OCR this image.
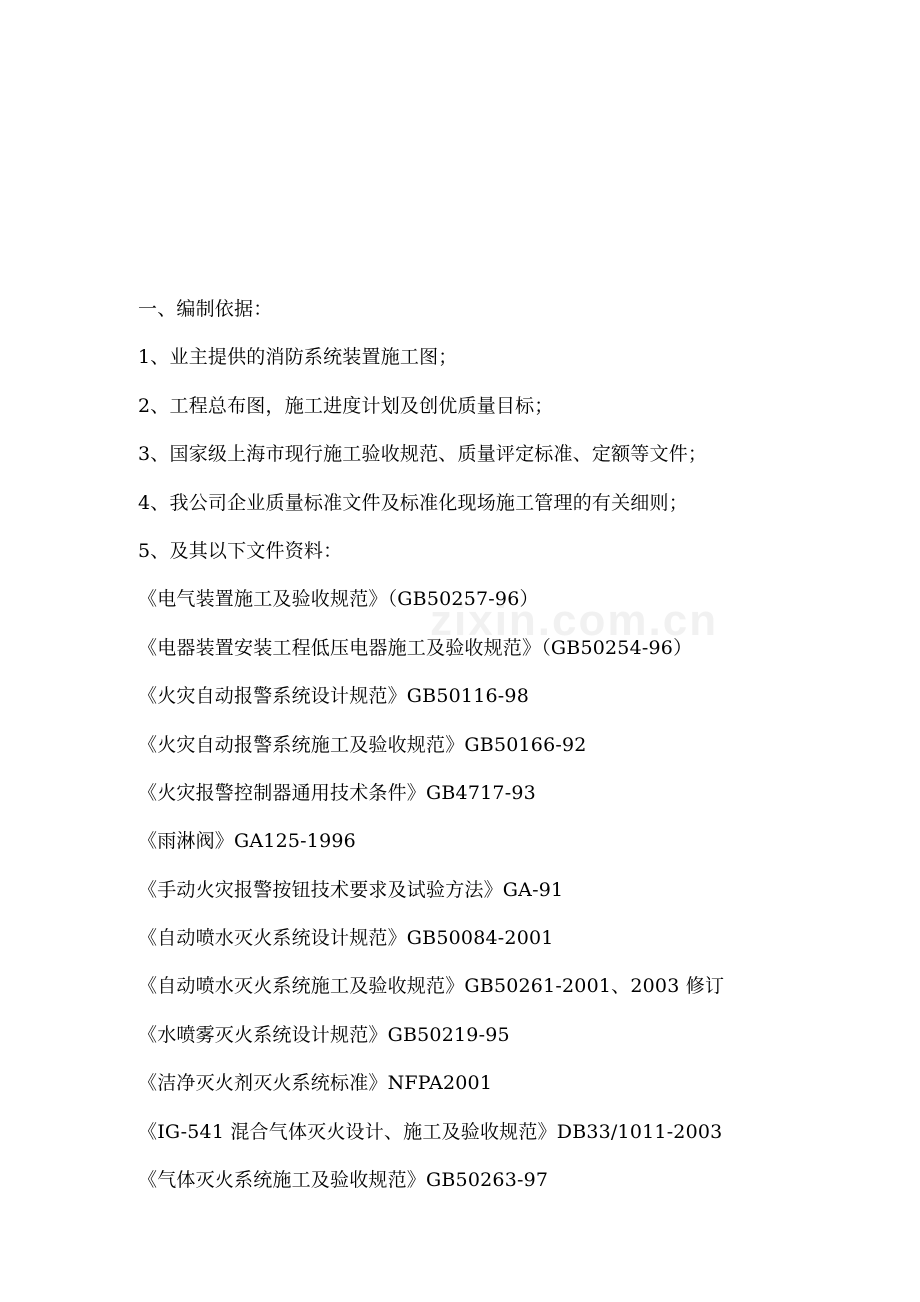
zixin.com.cn
一、编制依据：
1、业主提供的消防系统装置施工图；
2、工程总布图，施工进度计划及创优质量目标；
3、国家级上海市现行施工验收规范、质量评定标准、定额等文件；
4、我公司企业质量标准文件及标准化现场施工管理的有关细则；
5、及其以下文件资料：
《电气装置施工及验收规范》（GB50257-96）
《电器装置安装工程低压电器施工及验收规范》（GB50254-96）
《火灾自动报警系统设计规范》GB50116-98
《火灾自动报警系统施工及验收规范》GB50166-92
《火灾报警控制器通用技术条件》GB4717-93
《雨淋阀》GA125-1996
《手动火灾报警按钮技术要求及试验方法》GA-91
《自动喷水灭火系统设计规范》GB50084-2001
《自动喷水灭火系统施工及验收规范》GB50261-2001、2003 修订
《水喷雾灭火系统设计规范》GB50219-95
《洁净灭火剂灭火系统标准》NFPA2001
《IG-541 混合气体灭火设计、施工及验收规范》DB33/1011-2003
《气体灭火系统施工及验收规范》GB50263-97
